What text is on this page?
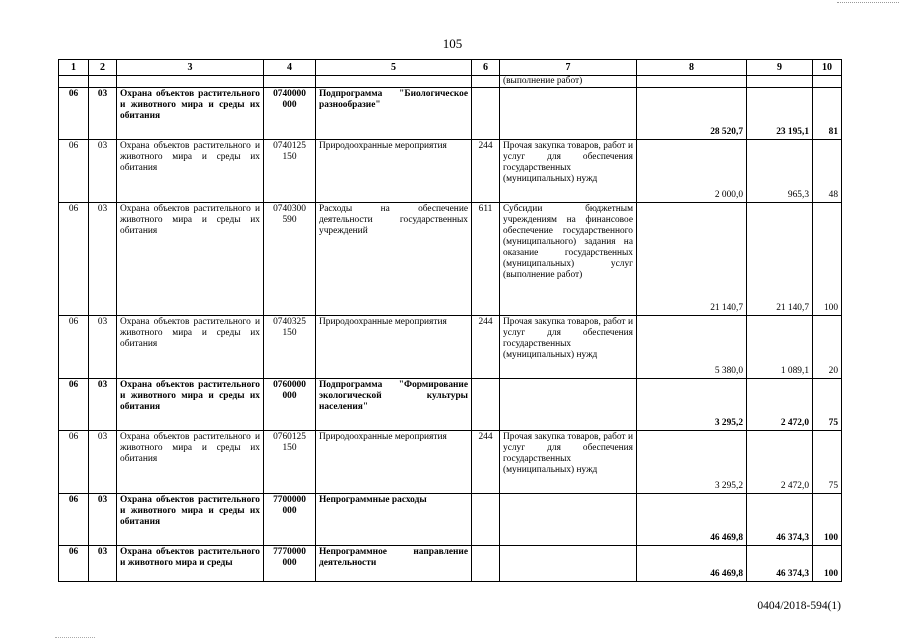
105
1	2	3	4	5	6	7	8	9	10
						(выполнение работ)			
06	03	Охрана объектов растительного и животного мира и среды их обитания	0740000 000	Подпрограмма "Биологическое разнообразие"			28 520,7	23 195,1	81
06	03	Охрана объектов растительного и животного мира и среды их обитания	0740125 150	Природоохранные мероприятия	244	Прочая закупка товаров, работ и услуг для обеспечения государственных (муниципальных) нужд	2 000,0	965,3	48
06	03	Охрана объектов растительного и животного мира и среды их обитания	0740300 590	Расходы на обеспечение деятельности государственных учреждений	611	Субсидии бюджетным учреждениям на финансовое обеспечение государственного (муниципального) задания на оказание государственных (муниципальных) услуг (выполнение работ)	21 140,7	21 140,7	100
06	03	Охрана объектов растительного и животного мира и среды их обитания	0740325 150	Природоохранные мероприятия	244	Прочая закупка товаров, работ и услуг для обеспечения государственных (муниципальных) нужд	5 380,0	1 089,1	20
06	03	Охрана объектов растительного и животного мира и среды их обитания	0760000 000	Подпрограмма "Формирование экологической культуры населения"			3 295,2	2 472,0	75
06	03	Охрана объектов растительного и животного мира и среды их обитания	0760125 150	Природоохранные мероприятия	244	Прочая закупка товаров, работ и услуг для обеспечения государственных (муниципальных) нужд	3 295,2	2 472,0	75
06	03	Охрана объектов растительного и животного мира и среды их обитания	7700000 000	Непрограммные расходы			46 469,8	46 374,3	100
06	03	Охрана объектов растительного и животного мира и среды	7770000 000	Непрограммное направление деятельности			46 469,8	46 374,3	100
0404/2018-594(1)
